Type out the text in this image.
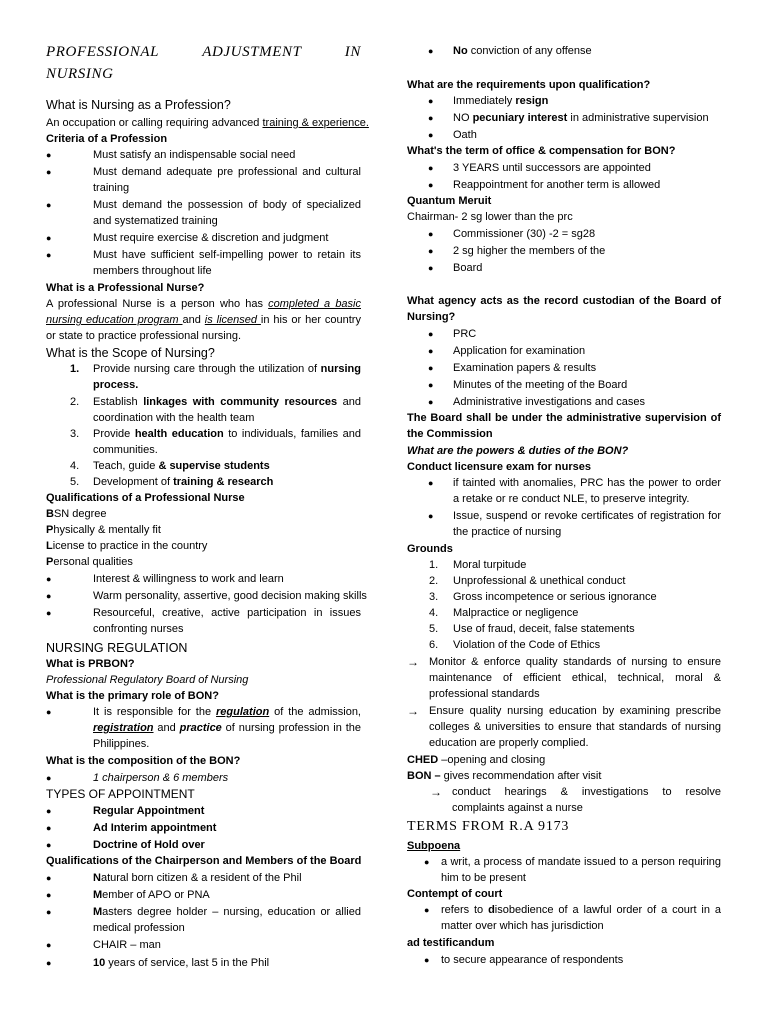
PROFESSIONAL	ADJUSTMENT	IN
NURSING
What is Nursing as a Profession?
An occupation or calling requiring advanced training & experience.
Criteria of a Profession
●	Must satisfy an indispensable social need
●	Must demand adequate pre professional and cultural training
●	Must demand the possession of body of specialized and systematized training
●	Must require exercise & discretion and judgment
●	Must have sufficient self-impelling power to retain its members throughout life
What is a Professional Nurse?
A professional Nurse is a person who has completed a basic nursing education program and is licensed in his or her country or state to practice professional nursing.
What is the Scope of Nursing?
1. Provide nursing care through the utilization of nursing process.
2. Establish linkages with community resources and coordination with the health team
3. Provide health education to individuals, families and communities.
4. Teach, guide & supervise students
5. Development of training & research
Qualifications of a Professional Nurse
BSN degree
Physically & mentally fit
License to practice in the country
Personal qualities
●	Interest & willingness to work and learn
●	Warm personality, assertive, good decision making skills
●	Resourceful, creative, active participation in issues confronting nurses
NURSING REGULATION
What is PRBON?
Professional Regulatory Board of Nursing
What is the primary role of BON?
●	It is responsible for the regulation of the admission, registration and practice of nursing profession in the Philippines.
What is the composition of the BON?
●	1 chairperson & 6 members
TYPES OF APPOINTMENT
●	Regular Appointment
●	Ad Interim appointment
●	Doctrine of Hold over
Qualifications of the Chairperson and Members of the Board
●	Natural born citizen & a resident of the Phil
●	Member of APO or PNA
●	Masters degree holder – nursing, education or allied medical profession
●	CHAIR – man
●	10 years of service, last 5 in the Phil
● No conviction of any offense
What are the requirements upon qualification?
● Immediately resign
● NO pecuniary interest in administrative supervision
● Oath
What's the term of office & compensation for BON?
● 3 YEARS until successors are appointed
● Reappointment for another term is allowed
Quantum Meruit
Chairman- 2 sg lower than the prc
● Commissioner (30) -2 = sg28
● 2 sg higher the members of the
● Board
What agency acts as the record custodian of the Board of Nursing?
● PRC
● Application for examination
● Examination papers & results
● Minutes of the meeting of the Board
● Administrative investigations and cases
The Board shall be under the administrative supervision of the Commission
What are the powers & duties of the BON?
Conduct licensure exam for nurses
● if tainted with anomalies, PRC has the power to order a retake or re conduct NLE, to preserve integrity.
● Issue, suspend or revoke certificates of registration for the practice of nursing
Grounds
1. Moral turpitude
2. Unprofessional & unethical conduct
3. Gross incompetence or serious ignorance
4. Malpractice or negligence
5. Use of fraud, deceit, false statements
6. Violation of the Code of Ethics
→ Monitor & enforce quality standards of nursing to ensure maintenance of efficient ethical, technical, moral & professional standards
→ Ensure quality nursing education by examining prescribe colleges & universities to ensure that standards of nursing education are properly complied.
CHED –opening and closing
BON – gives recommendation after visit
→ conduct hearings & investigations to resolve complaints against a nurse
TERMS FROM R.A 9173
Subpoena
● a writ, a process of mandate issued to a person requiring him to be present
Contempt of court
● refers to disobedience of a lawful order of a court in a matter over which has jurisdiction
ad testificandum
● to secure appearance of respondents
